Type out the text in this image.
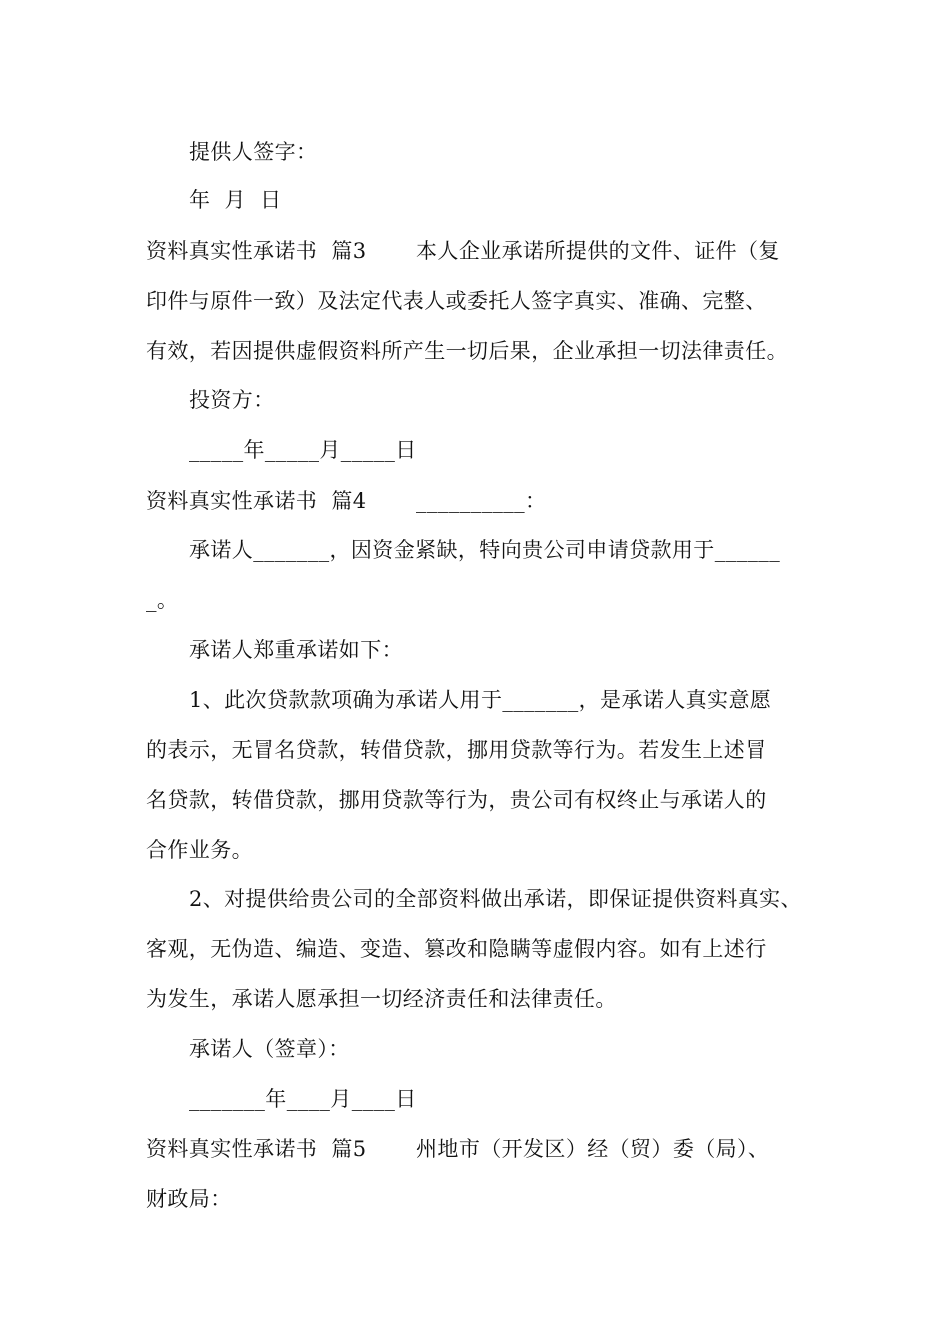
提供人签字：
年  月  日
资料真实性承诺书  篇3       本人企业承诺所提供的文件、证件（复
印件与原件一致）及法定代表人或委托人签字真实、准确、完整、
有效，若因提供虚假资料所产生一切后果，企业承担一切法律责任。
投资方：
_____年_____月_____日
资料真实性承诺书  篇4       __________：
承诺人_______，因资金紧缺，特向贵公司申请贷款用于______
_。
承诺人郑重承诺如下：
1、此次贷款款项确为承诺人用于_______，是承诺人真实意愿
的表示，无冒名贷款，转借贷款，挪用贷款等行为。若发生上述冒
名贷款，转借贷款，挪用贷款等行为，贵公司有权终止与承诺人的
合作业务。
2、对提供给贵公司的全部资料做出承诺，即保证提供资料真实、
客观，无伪造、编造、变造、篡改和隐瞒等虚假内容。如有上述行
为发生，承诺人愿承担一切经济责任和法律责任。
承诺人（签章）：
_______年____月____日
资料真实性承诺书  篇5       州地市（开发区）经（贸）委（局）、
财政局：
